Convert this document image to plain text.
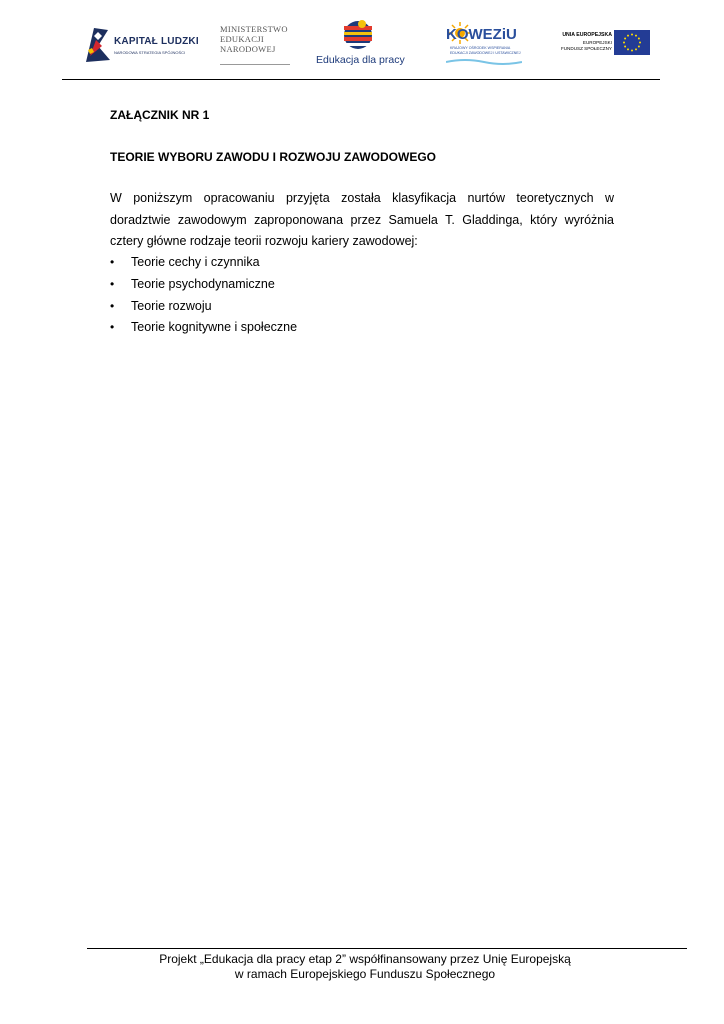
KAPITAŁ LUDZKI
NARODOWA STRATEGIA SPÓJNOŚCI
MINISTERSTWO
EDUKACJI
NARODOWEJ
Edukacja dla pracy
KOWEZiU
KRAJOWY OŚRODEK WSPIERANIA
EDUKACJI ZAWODOWEJ I USTAWICZNEJ
UNIA EUROPEJSKA
EUROPEJSKI
FUNDUSZ SPOŁECZNY
ZAŁĄCZNIK NR 1
TEORIE WYBORU ZAWODU I ROZWOJU ZAWODOWEGO

W poniższym opracowaniu przyjęta została klasyfikacja nurtów teoretycznych w doradztwie zawodowym zaproponowana przez Samuela T. Gladdinga, który wyróżnia cztery główne rodzaje teorii rozwoju kariery zawodowej:

•	Teorie cechy i czynnika
•	Teorie psychodynamiczne
•	Teorie rozwoju
•	Teorie kognitywne i społeczne
Projekt „Edukacja dla pracy etap 2” współfinansowany przez Unię Europejską
w ramach Europejskiego Funduszu Społecznego
